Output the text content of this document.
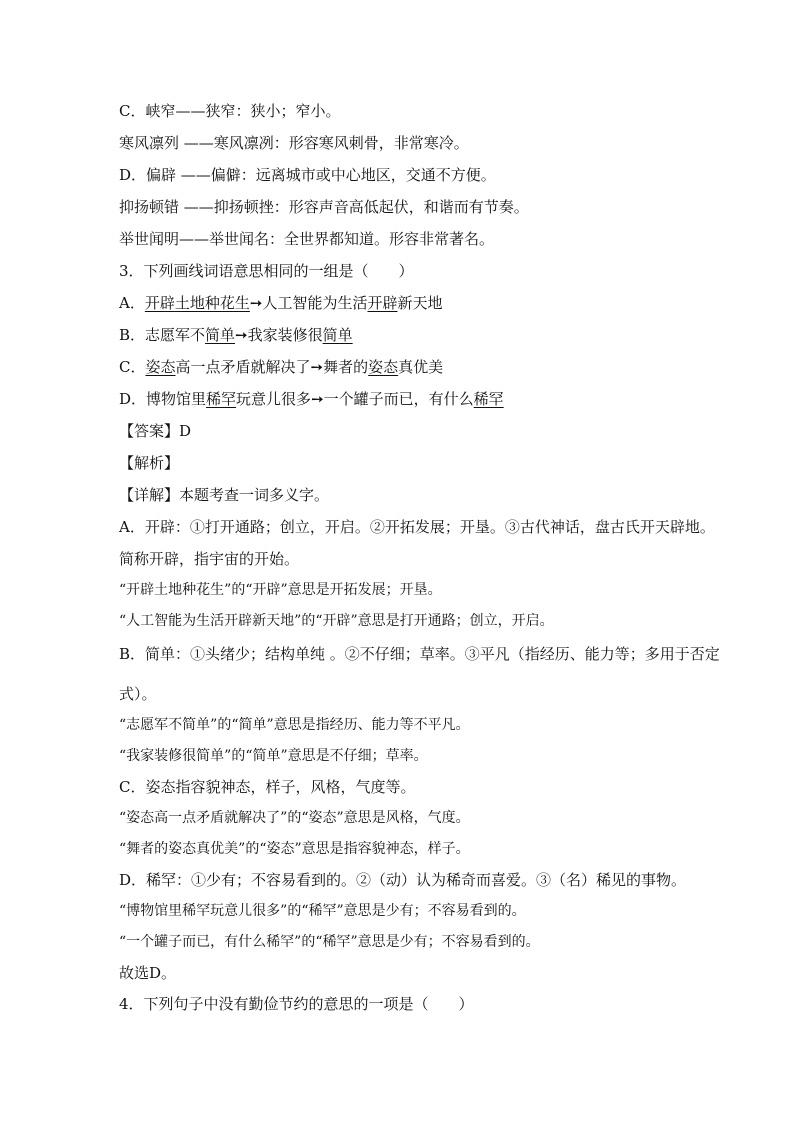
C．峡窄——狭窄：狭小；窄小。
寒风凛列 ——寒风凛冽：形容寒风刺骨，非常寒冷。
D．偏辟 ——偏僻：远离城市或中心地区，交通不方便。
抑扬顿错 ——抑扬顿挫：形容声音高低起伏，和谐而有节奏。
举世闻明——举世闻名：全世界都知道。形容非常著名。
3．下列画线词语意思相同的一组是（　　）
A．开辟土地种花生➙人工智能为生活开辟新天地
B．志愿军不简单➙我家装修很简单
C．姿态高一点矛盾就解决了➙舞者的姿态真优美
D．博物馆里稀罕玩意儿很多➙一个罐子而已，有什么稀罕
【答案】D
【解析】
【详解】本题考查一词多义字。
A．开辟：①打开通路；创立，开启。②开拓发展；开垦。③古代神话，盘古氏开天辟地。
简称开辟，指宇宙的开始。
“开辟土地种花生”的“开辟”意思是开拓发展；开垦。
“人工智能为生活开辟新天地”的“开辟”意思是打开通路；创立，开启。
B．简单：①头绪少；结构单纯 。②不仔细；草率。③平凡（指经历、能力等；多用于否定
式）。
“志愿军不简单”的“简单”意思是指经历、能力等不平凡。
“我家装修很简单”的“简单”意思是不仔细；草率。
C．姿态指容貌神态，样子，风格，气度等。
“姿态高一点矛盾就解决了”的“姿态”意思是风格，气度。
“舞者的姿态真优美”的“姿态”意思是指容貌神态，样子。
D．稀罕：①少有；不容易看到的。②（动）认为稀奇而喜爱。③（名）稀见的事物。
“博物馆里稀罕玩意儿很多”的“稀罕”意思是少有；不容易看到的。
“一个罐子而已，有什么稀罕”的“稀罕”意思是少有；不容易看到的。
故选D。
4．下列句子中没有勤俭节约的意思的一项是（　　）
